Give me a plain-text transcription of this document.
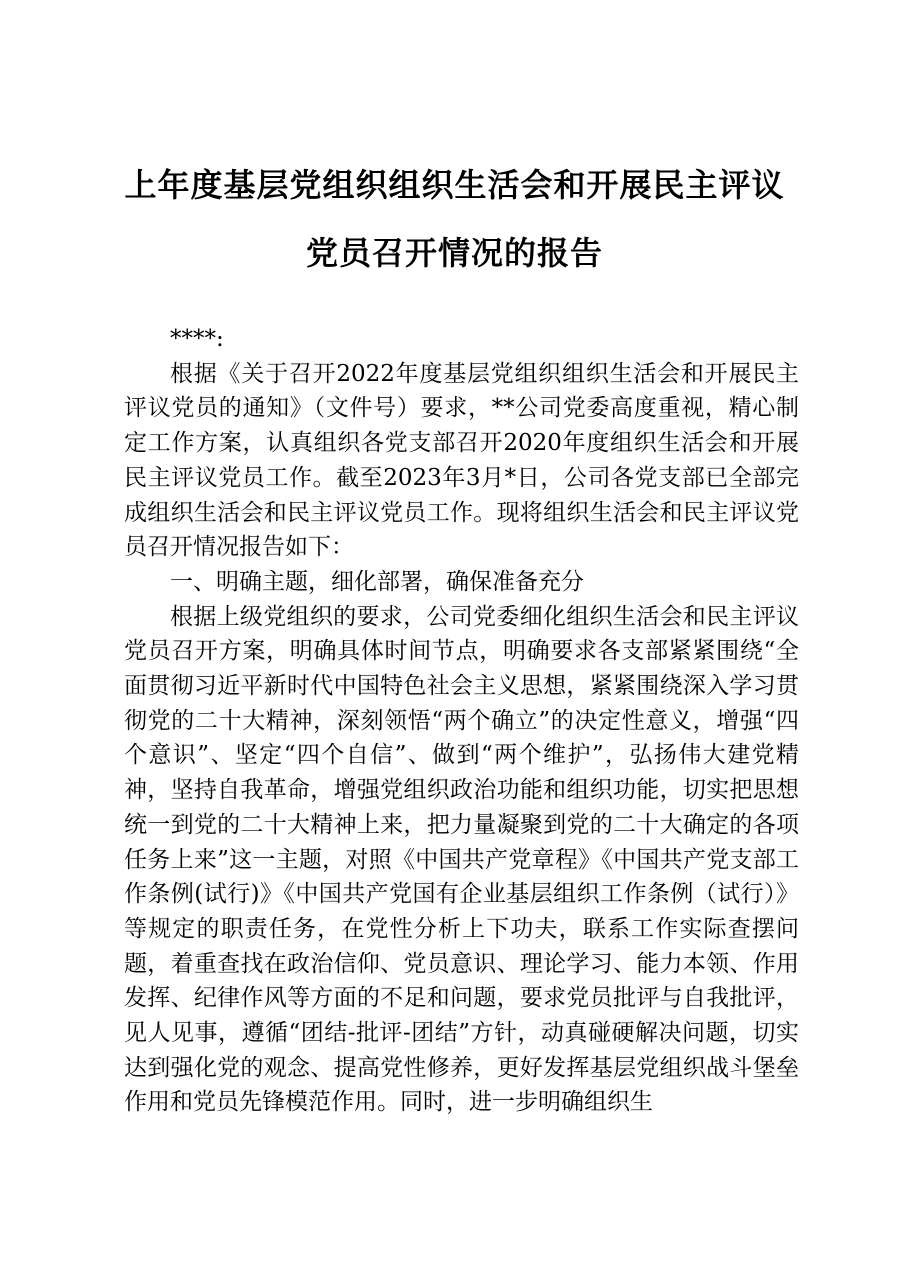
上年度基层党组织组织生活会和开展民主评议
党员召开情况的报告

****:

根据《关于召开2022年度基层党组织组织生活会和开展民主评议党员的通知》（文件号）要求，**公司党委高度重视，精心制定工作方案，认真组织各党支部召开2020年度组织生活会和开展民主评议党员工作。截至2023年3月*日，公司各党支部已全部完成组织生活会和民主评议党员工作。现将组织生活会和民主评议党员召开情况报告如下：

一、明确主题，细化部署，确保准备充分

根据上级党组织的要求，公司党委细化组织生活会和民主评议党员召开方案，明确具体时间节点，明确要求各支部紧紧围绕“全面贯彻习近平新时代中国特色社会主义思想，紧紧围绕深入学习贯彻党的二十大精神，深刻领悟“两个确立”的决定性意义，增强“四个意识”、坚定“四个自信”、做到“两个维护”，弘扬伟大建党精神，坚持自我革命，增强党组织政治功能和组织功能，切实把思想统一到党的二十大精神上来，把力量凝聚到党的二十大确定的各项任务上来”这一主题，对照《中国共产党章程》《中国共产党支部工作条例(试行)》《中国共产党国有企业基层组织工作条例（试行）》等规定的职责任务，在党性分析上下功夫，联系工作实际查摆问题，着重查找在政治信仰、党员意识、理论学习、能力本领、作用发挥、纪律作风等方面的不足和问题，要求党员批评与自我批评，见人见事，遵循“团结-批评-团结”方针，动真碰硬解决问题，切实达到强化党的观念、提高党性修养，更好发挥基层党组织战斗堡垒作用和党员先锋模范作用。同时，进一步明确组织生
